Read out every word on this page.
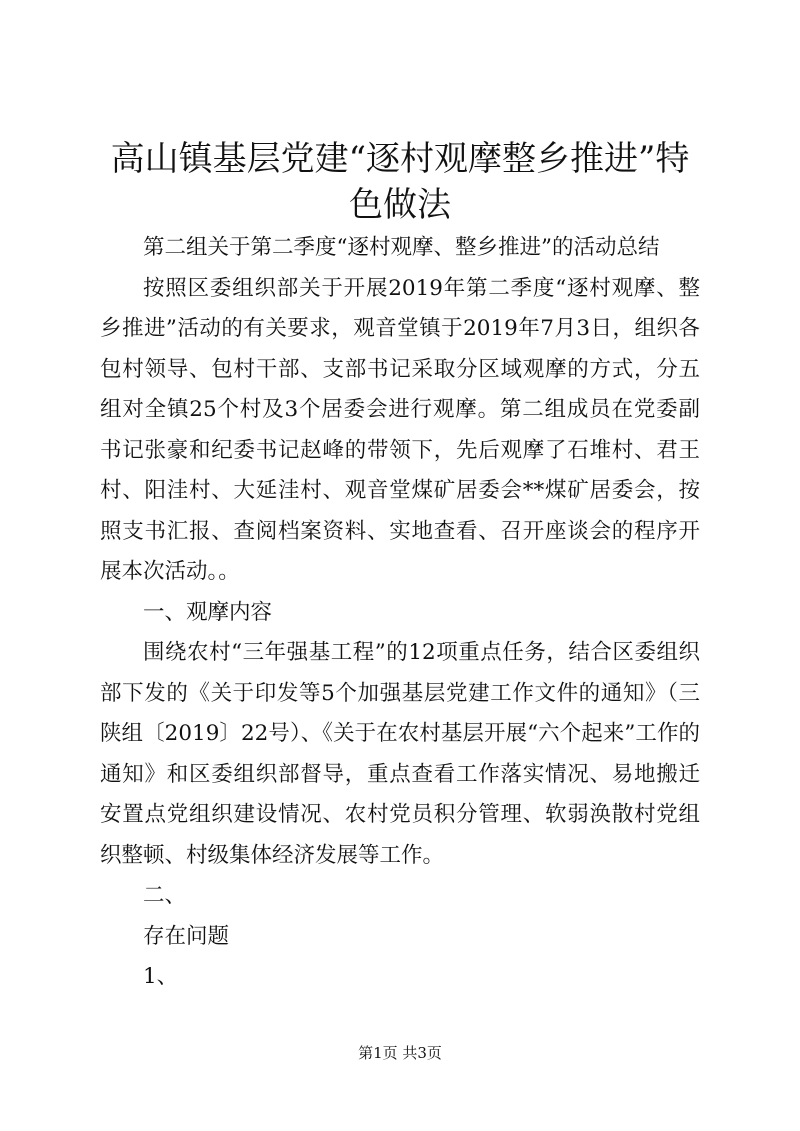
高山镇基层党建“逐村观摩整乡推进”特色做法

第二组关于第二季度“逐村观摩、整乡推进”的活动总结

按照区委组织部关于开展2019年第二季度“逐村观摩、整乡推进”活动的有关要求，观音堂镇于2019年7月3日，组织各包村领导、包村干部、支部书记采取分区域观摩的方式，分五组对全镇25个村及3个居委会进行观摩。第二组成员在党委副书记张豪和纪委书记赵峰的带领下，先后观摩了石堆村、君王村、阳洼村、大延洼村、观音堂煤矿居委会**煤矿居委会，按照支书汇报、查阅档案资料、实地查看、召开座谈会的程序开展本次活动。。

一、观摩内容

围绕农村“三年强基工程”的12项重点任务，结合区委组织部下发的《关于印发等5个加强基层党建工作文件的通知》（三陕组〔2019〕22号）、《关于在农村基层开展“六个起来”工作的通知》和区委组织部督导，重点查看工作落实情况、易地搬迁安置点党组织建设情况、农村党员积分管理、软弱涣散村党组织整顿、村级集体经济发展等工作。

二、

存在问题

1、

第1页 共3页
